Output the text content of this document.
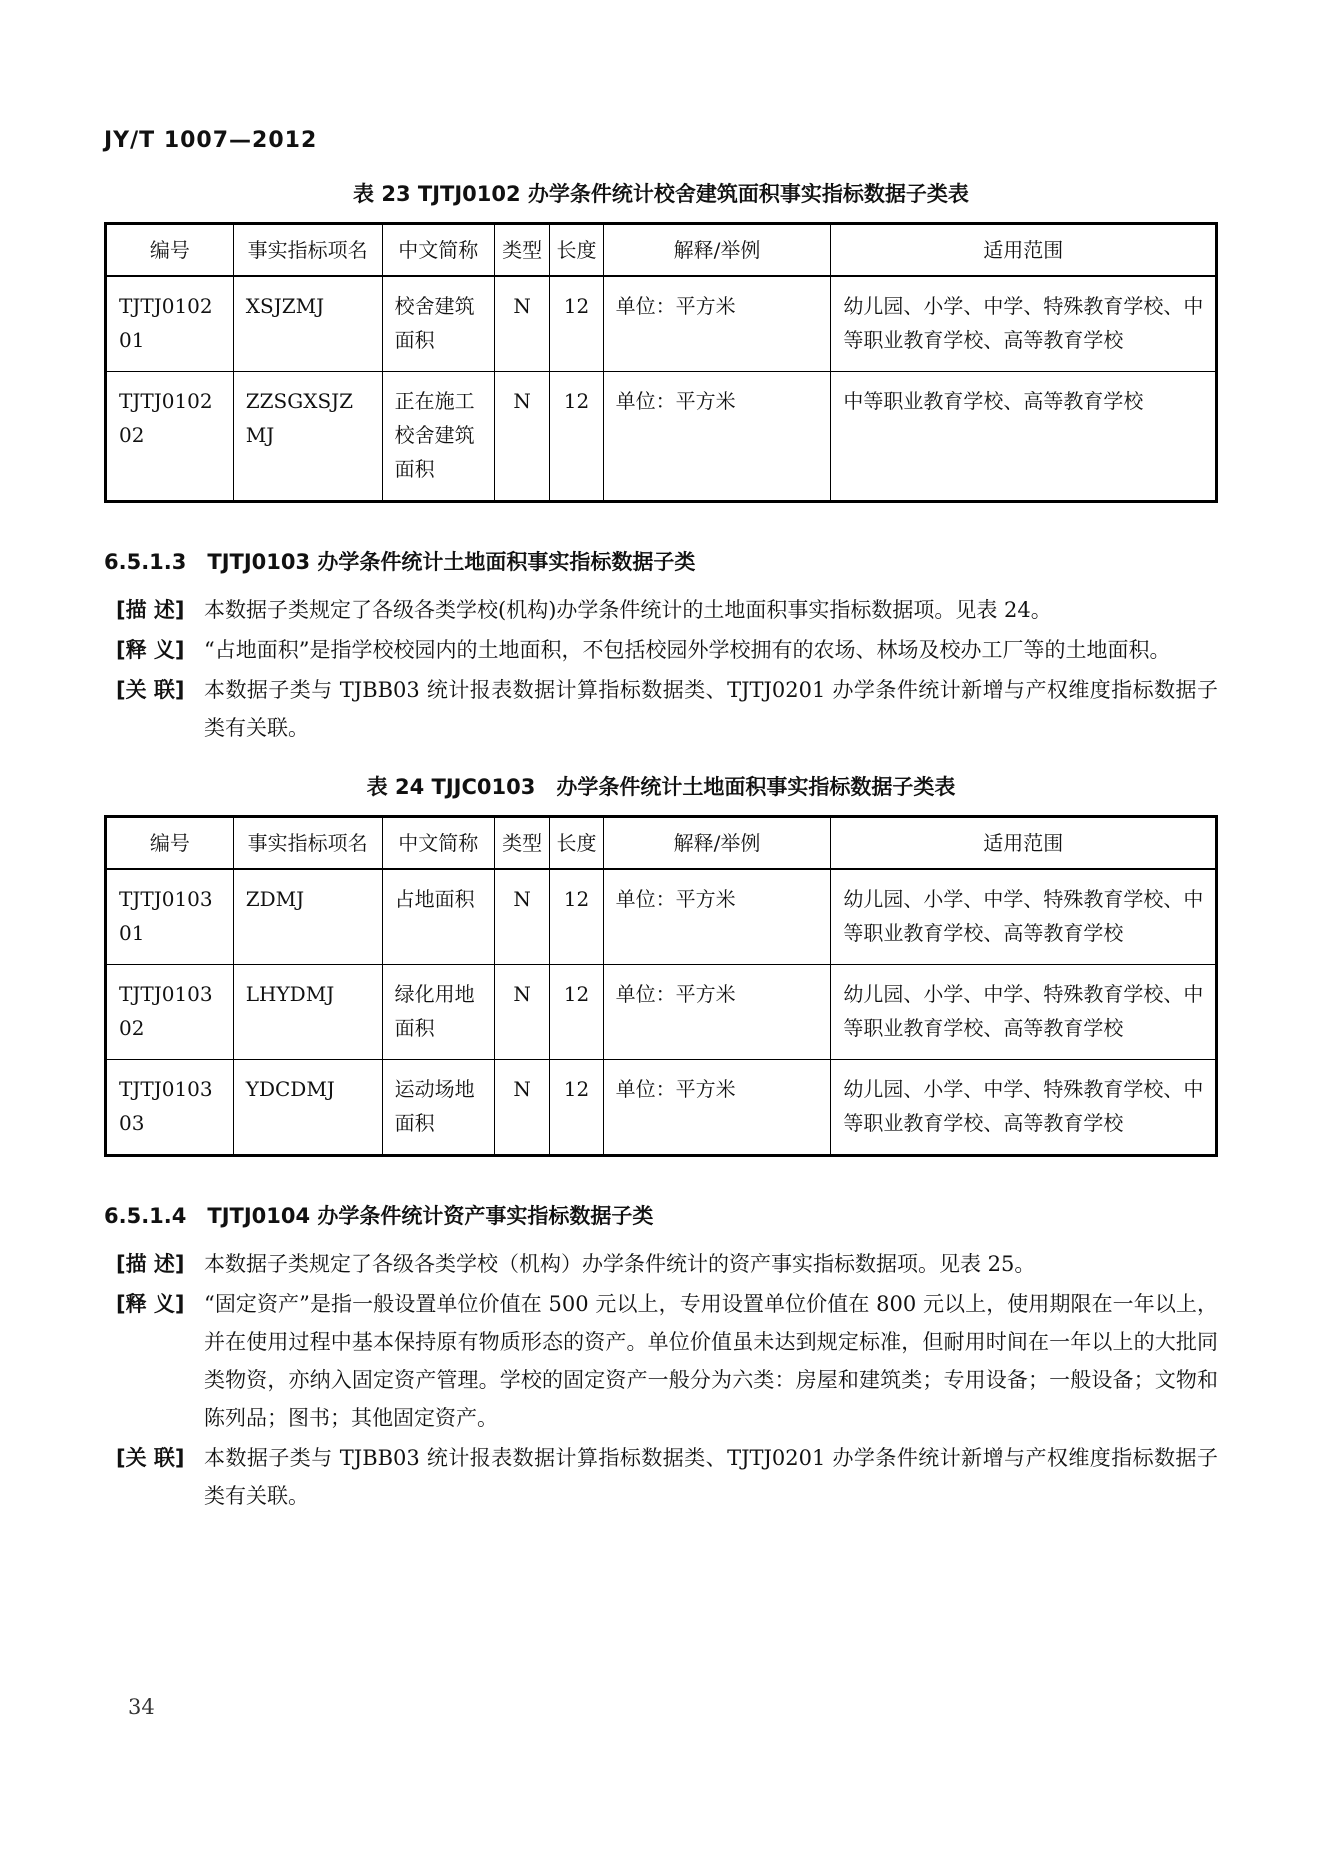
JY/T 1007—2012
表 23 TJTJ0102 办学条件统计校舍建筑面积事实指标数据子类表
编号	事实指标项名	中文简称	类型	长度	解释/举例	适用范围
TJTJ010201	XSJZMJ	校舍建筑面积	N	12	单位：平方米	幼儿园、小学、中学、特殊教育学校、中等职业教育学校、高等教育学校
TJTJ010202	ZZSGXSJZMJ	正在施工校舍建筑面积	N	12	单位：平方米	中等职业教育学校、高等教育学校
6.5.1.3　TJTJ0103 办学条件统计土地面积事实指标数据子类
[描 述] 本数据子类规定了各级各类学校(机构)办学条件统计的土地面积事实指标数据项。见表 24。
[释 义] “占地面积”是指学校校园内的土地面积，不包括校园外学校拥有的农场、林场及校办工厂等的土地面积。
[关 联] 本数据子类与 TJBB03 统计报表数据计算指标数据类、TJTJ0201 办学条件统计新增与产权维度指标数据子类有关联。
表 24 TJJC0103　办学条件统计土地面积事实指标数据子类表
编号	事实指标项名	中文简称	类型	长度	解释/举例	适用范围
TJTJ010301	ZDMJ	占地面积	N	12	单位：平方米	幼儿园、小学、中学、特殊教育学校、中等职业教育学校、高等教育学校
TJTJ010302	LHYDMJ	绿化用地面积	N	12	单位：平方米	幼儿园、小学、中学、特殊教育学校、中等职业教育学校、高等教育学校
TJTJ010303	YDCDMJ	运动场地面积	N	12	单位：平方米	幼儿园、小学、中学、特殊教育学校、中等职业教育学校、高等教育学校
6.5.1.4　TJTJ0104 办学条件统计资产事实指标数据子类
[描 述] 本数据子类规定了各级各类学校（机构）办学条件统计的资产事实指标数据项。见表 25。
[释 义] “固定资产”是指一般设置单位价值在 500 元以上，专用设置单位价值在 800 元以上，使用期限在一年以上，并在使用过程中基本保持原有物质形态的资产。单位价值虽未达到规定标准，但耐用时间在一年以上的大批同类物资，亦纳入固定资产管理。学校的固定资产一般分为六类：房屋和建筑类；专用设备；一般设备；文物和陈列品；图书；其他固定资产。
[关 联] 本数据子类与 TJBB03 统计报表数据计算指标数据类、TJTJ0201 办学条件统计新增与产权维度指标数据子类有关联。
34
